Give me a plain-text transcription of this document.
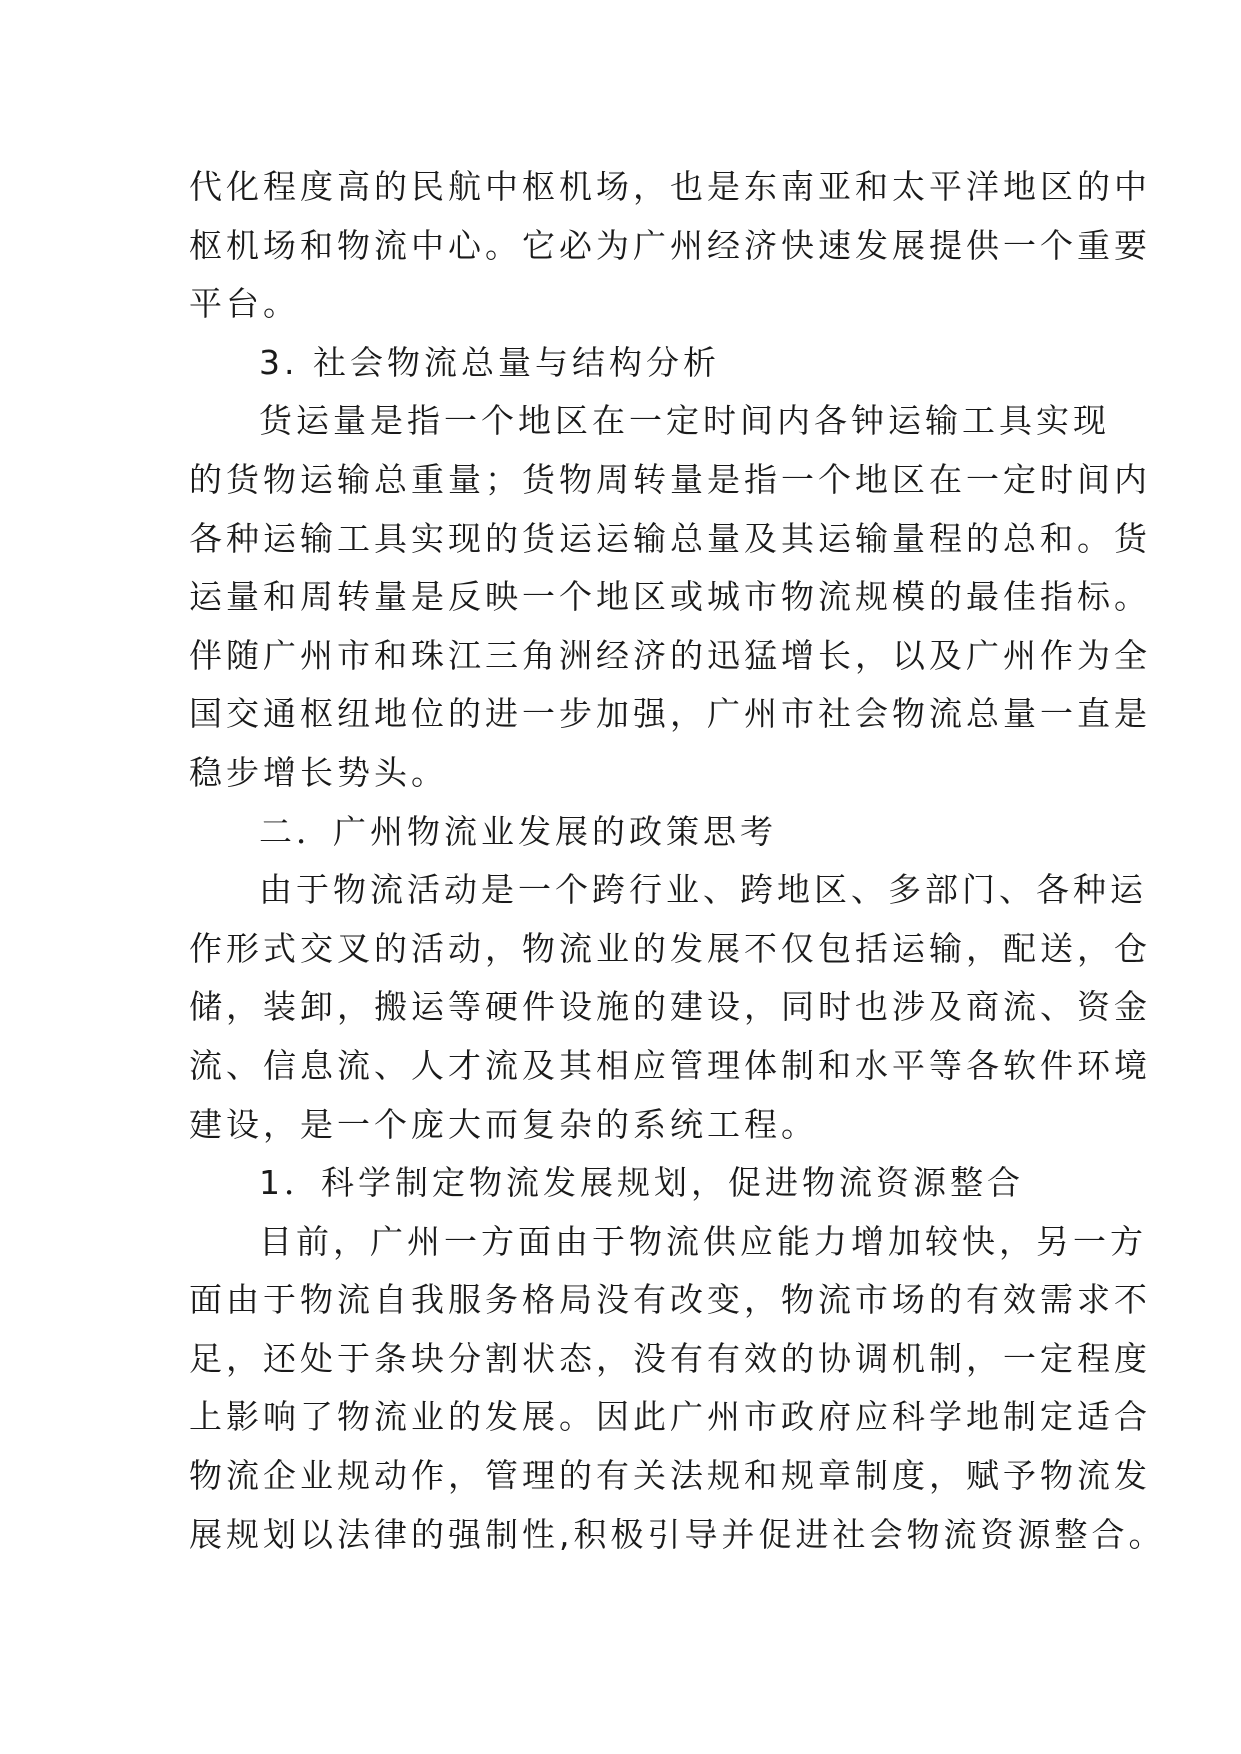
代化程度高的民航中枢机场，也是东南亚和太平洋地区的中
枢机场和物流中心。它必为广州经济快速发展提供一个重要
平台。
3. 社会物流总量与结构分析
货运量是指一个地区在一定时间内各钟运输工具实现
的货物运输总重量；货物周转量是指一个地区在一定时间内
各种运输工具实现的货运运输总量及其运输量程的总和。货
运量和周转量是反映一个地区或城市物流规模的最佳指标。
伴随广州市和珠江三角洲经济的迅猛增长，以及广州作为全
国交通枢纽地位的进一步加强，广州市社会物流总量一直是
稳步增长势头。
二．广州物流业发展的政策思考
由于物流活动是一个跨行业、跨地区、多部门、各种运
作形式交叉的活动，物流业的发展不仅包括运输，配送，仓
储，装卸，搬运等硬件设施的建设，同时也涉及商流、资金
流、信息流、人才流及其相应管理体制和水平等各软件环境
建设，是一个庞大而复杂的系统工程。
1．科学制定物流发展规划，促进物流资源整合
目前，广州一方面由于物流供应能力增加较快，另一方
面由于物流自我服务格局没有改变，物流市场的有效需求不
足，还处于条块分割状态，没有有效的协调机制，一定程度
上影响了物流业的发展。因此广州市政府应科学地制定适合
物流企业规动作，管理的有关法规和规章制度，赋予物流发
展规划以法律的强制性,积极引导并促进社会物流资源整合。
